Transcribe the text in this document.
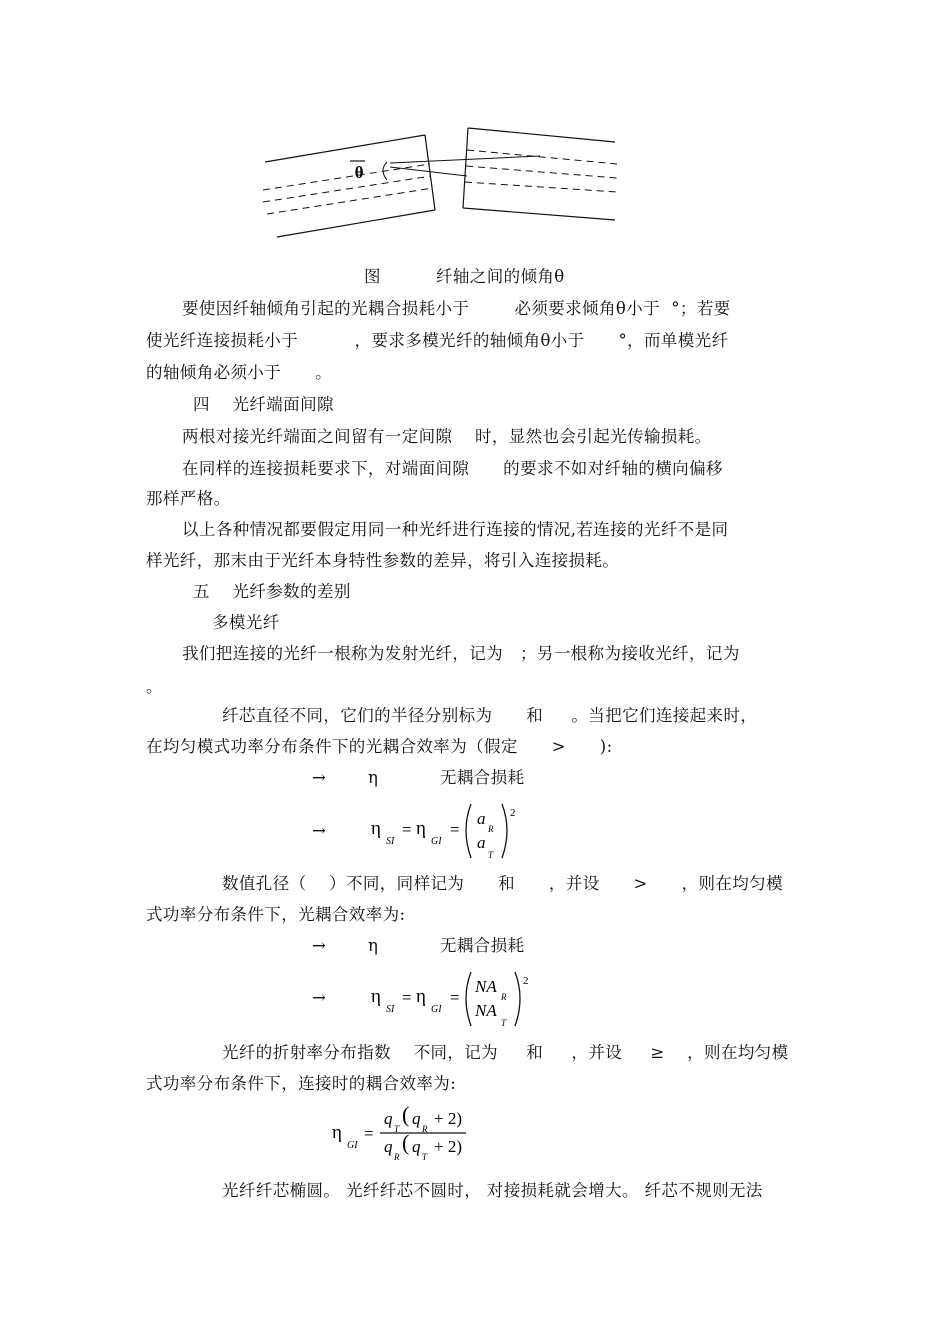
θ
图	纤轴之间的倾角θ
要使因纤轴倾角引起的光耦合损耗小于        必须要求倾角θ小于  °；若要
使光纤连接损耗小于          ，要求多模光纤的轴倾角θ小于      °，而单模光纤
的轴倾角必须小于      。
四    光纤端面间隙
两根对接光纤端面之间留有一定间隙    时，显然也会引起光传输损耗。
在同样的连接损耗要求下，对端面间隙      的要求不如对纤轴的横向偏移
那样严格。
以上各种情况都要假定用同一种光纤进行连接的情况,若连接的光纤不是同
样光纤，那末由于光纤本身特性参数的差异，将引入连接损耗。
五    光纤参数的差别
多模光纤
我们把连接的光纤一根称为发射光纤，记为   ；另一根称为接收光纤，记为
。
纤芯直径不同，它们的半径分别标为      和     。当把它们连接起来时，
在均匀模式功率分布条件下的光耦合效率为（假定      >      ):
→	η	无耦合损耗
→ η
SI
= η
GI
=
a
R
a
T
2
数值孔径（    ）不同，同样记为      和      ，并设      >      ，则在均匀模
式功率分布条件下，光耦合效率为:
→	η	无耦合损耗
→ η
SI
= η
GI
=
NA
R
NA
T
2
光纤的折射率分布指数    不同，记为     和     ，并设     ≥    ，则在均匀模
式功率分布条件下，连接时的耦合效率为:
η
GI
=
q
T
( q
R
+ 2)
q
R
( q
T
+ 2)
光纤纤芯椭圆。 光纤纤芯不圆时， 对接损耗就会增大。 纤芯不规则无法
